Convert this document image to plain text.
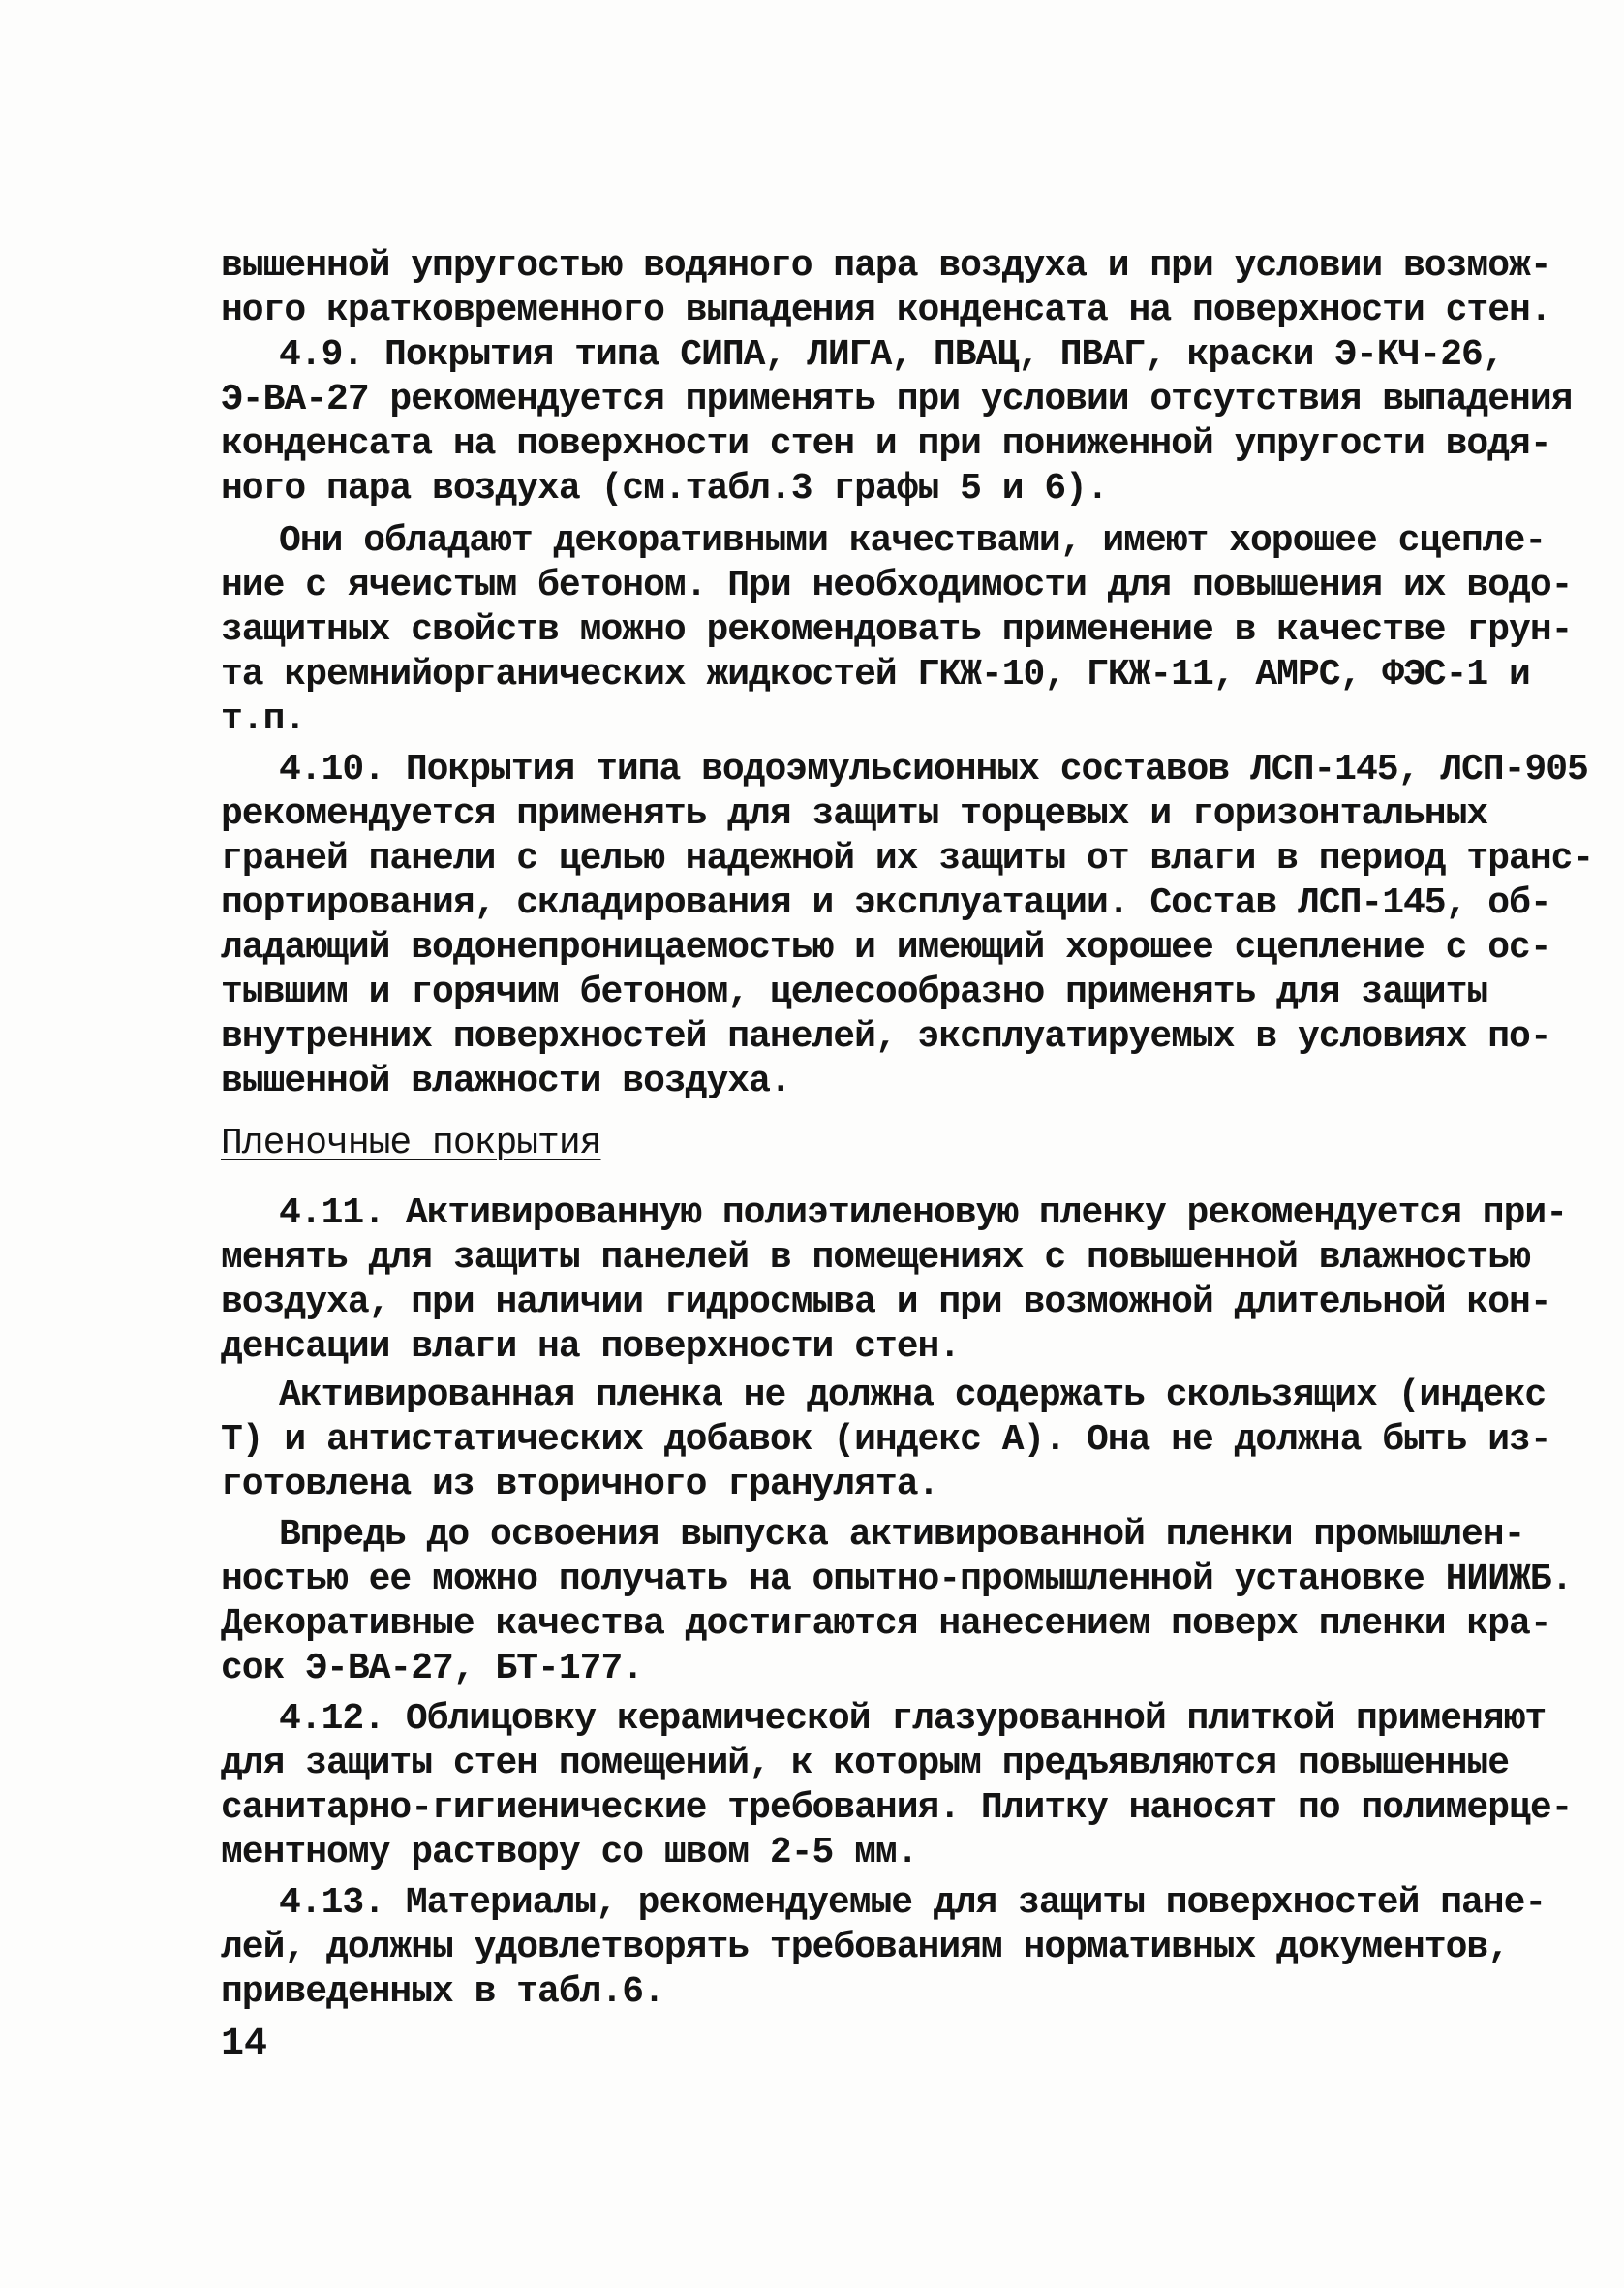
вышенной упругостью водяного пара воздуха и при условии возмож-
ного кратковременного выпадения конденсата на поверхности стен.
4.9. Покрытия типа СИПА, ЛИГА, ПВАЦ, ПВАГ, краски Э-КЧ-26,
Э-ВА-27 рекомендуется применять при условии отсутствия выпадения
конденсата на поверхности стен и при пониженной упругости водя-
ного пара воздуха (см.табл.3 графы 5 и 6).
Они обладают декоративными качествами, имеют хорошее сцепле-
ние с ячеистым бетоном. При необходимости для повышения их водо-
защитных свойств можно рекомендовать применение в качестве грун-
та кремнийорганических жидкостей ГКЖ-10, ГКЖ-11, АМРС, ФЭС-1 и
т.п.
4.10. Покрытия типа водоэмульсионных составов ЛСП-145, ЛСП-905
рекомендуется применять для защиты торцевых и горизонтальных
граней панели с целью надежной их защиты от влаги в период транс-
портирования, складирования и эксплуатации. Состав ЛСП-145, об-
ладающий водонепроницаемостью и имеющий хорошее сцепление с ос-
тывшим и горячим бетоном, целесообразно применять для защиты
внутренних поверхностей панелей, эксплуатируемых в условиях по-
вышенной влажности воздуха.
Пленочные покрытия
4.11. Активированную полиэтиленовую пленку рекомендуется при-
менять для защиты панелей в помещениях с повышенной влажностью
воздуха, при наличии гидросмыва и при возможной длительной кон-
денсации влаги на поверхности стен.
Активированная пленка не должна содержать скользящих (индекс
Т) и антистатических добавок (индекс А). Она не должна быть из-
готовлена из вторичного гранулята.
Впредь до освоения выпуска активированной пленки промышлен-
ностью ее можно получать на опытно-промышленной установке НИИЖБ.
Декоративные качества достигаются нанесением поверх пленки кра-
сок Э-ВА-27, БТ-177.
4.12. Облицовку керамической глазурованной плиткой применяют
для защиты стен помещений, к которым предъявляются повышенные
санитарно-гигиенические требования. Плитку наносят по полимерце-
ментному раствору со швом 2-5 мм.
4.13. Материалы, рекомендуемые для защиты поверхностей пане-
лей, должны удовлетворять требованиям нормативных документов,
приведенных в табл.6.
14
